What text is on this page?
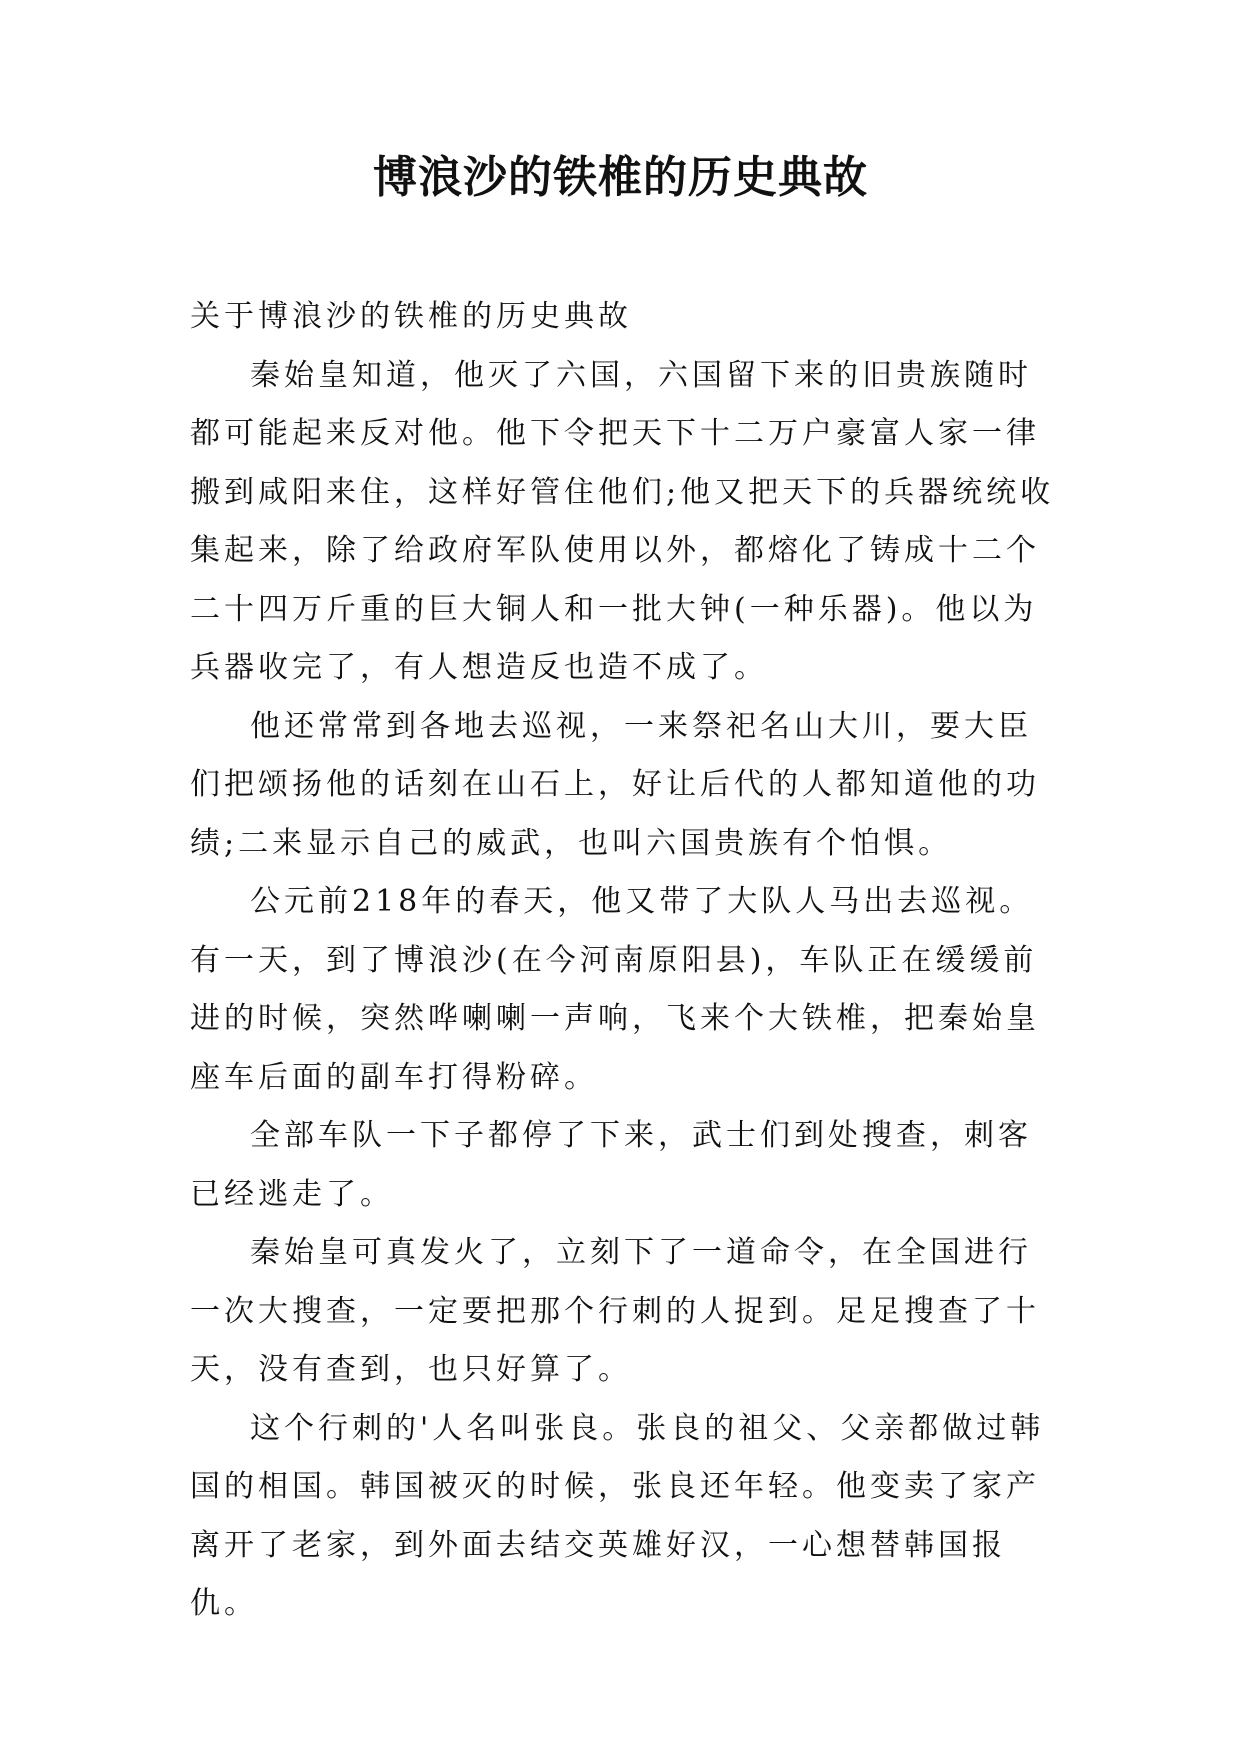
博浪沙的铁椎的历史典故

关于博浪沙的铁椎的历史典故

秦始皇知道，他灭了六国，六国留下来的旧贵族随时都可能起来反对他。他下令把天下十二万户豪富人家一律搬到咸阳来住，这样好管住他们;他又把天下的兵器统统收集起来，除了给政府军队使用以外，都熔化了铸成十二个二十四万斤重的巨大铜人和一批大钟(一种乐器)。他以为兵器收完了，有人想造反也造不成了。

他还常常到各地去巡视，一来祭祀名山大川，要大臣们把颂扬他的话刻在山石上，好让后代的人都知道他的功绩;二来显示自己的威武，也叫六国贵族有个怕惧。

公元前218年的春天，他又带了大队人马出去巡视。有一天，到了博浪沙(在今河南原阳县)，车队正在缓缓前进的时候，突然哗喇喇一声响，飞来个大铁椎，把秦始皇座车后面的副车打得粉碎。

全部车队一下子都停了下来，武士们到处搜查，刺客已经逃走了。

秦始皇可真发火了，立刻下了一道命令，在全国进行一次大搜查，一定要把那个行刺的人捉到。足足搜查了十天，没有查到，也只好算了。

这个行刺的'人名叫张良。张良的祖父、父亲都做过韩国的相国。韩国被灭的时候，张良还年轻。他变卖了家产离开了老家，到外面去结交英雄好汉，一心想替韩国报仇。
